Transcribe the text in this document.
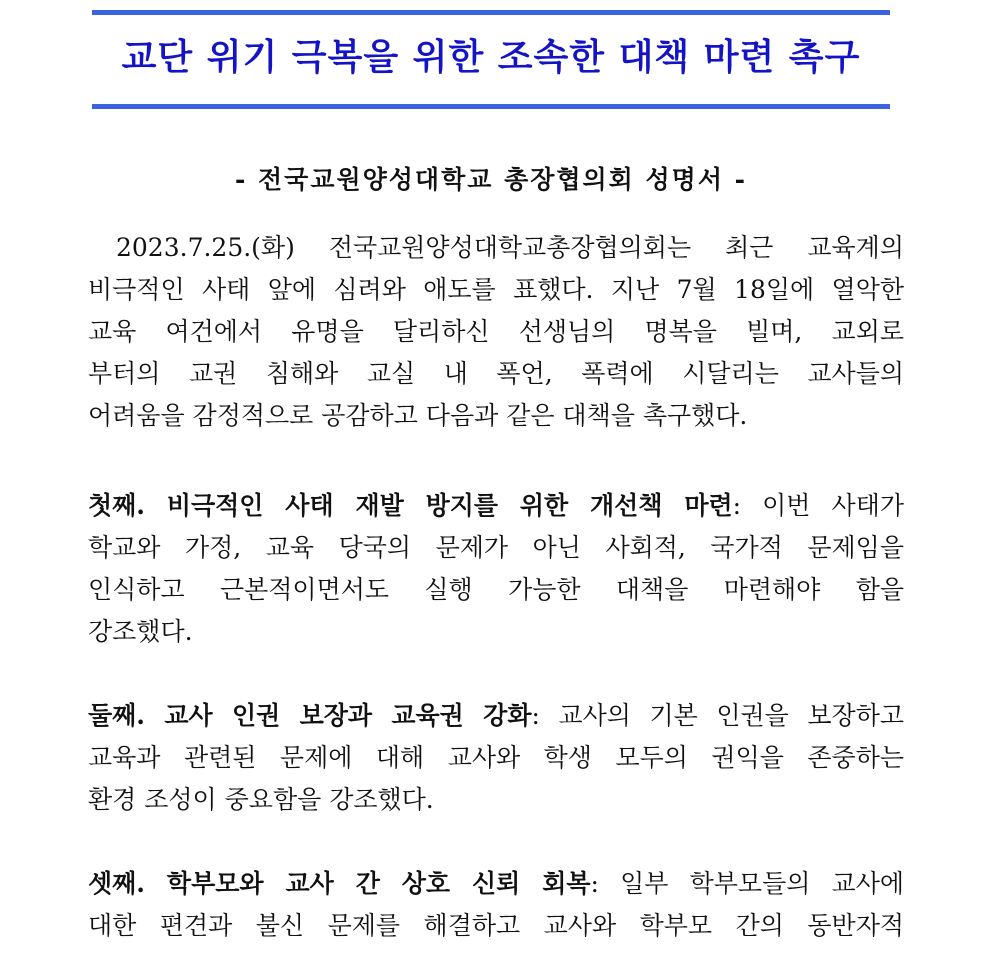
교단 위기 극복을 위한 조속한 대책 마련 촉구
- 전국교원양성대학교 총장협의회 성명서 -
2023.7.25.(화) 전국교원양성대학교총장협의회는 최근 교육계의
비극적인 사태 앞에 심려와 애도를 표했다. 지난 7월 18일에 열악한
교육 여건에서 유명을 달리하신 선생님의 명복을 빌며, 교외로
부터의 교권 침해와 교실 내 폭언, 폭력에 시달리는 교사들의
어려움을 감정적으로 공감하고 다음과 같은 대책을 촉구했다.
첫째. 비극적인 사태 재발 방지를 위한 개선책 마련: 이번 사태가
학교와 가정, 교육 당국의 문제가 아닌 사회적, 국가적 문제임을
인식하고 근본적이면서도 실행 가능한 대책을 마련해야 함을
강조했다.
둘째. 교사 인권 보장과 교육권 강화: 교사의 기본 인권을 보장하고
교육과 관련된 문제에 대해 교사와 학생 모두의 권익을 존중하는
환경 조성이 중요함을 강조했다.
셋째. 학부모와 교사 간 상호 신뢰 회복: 일부 학부모들의 교사에
대한 편견과 불신 문제를 해결하고 교사와 학부모 간의 동반자적
